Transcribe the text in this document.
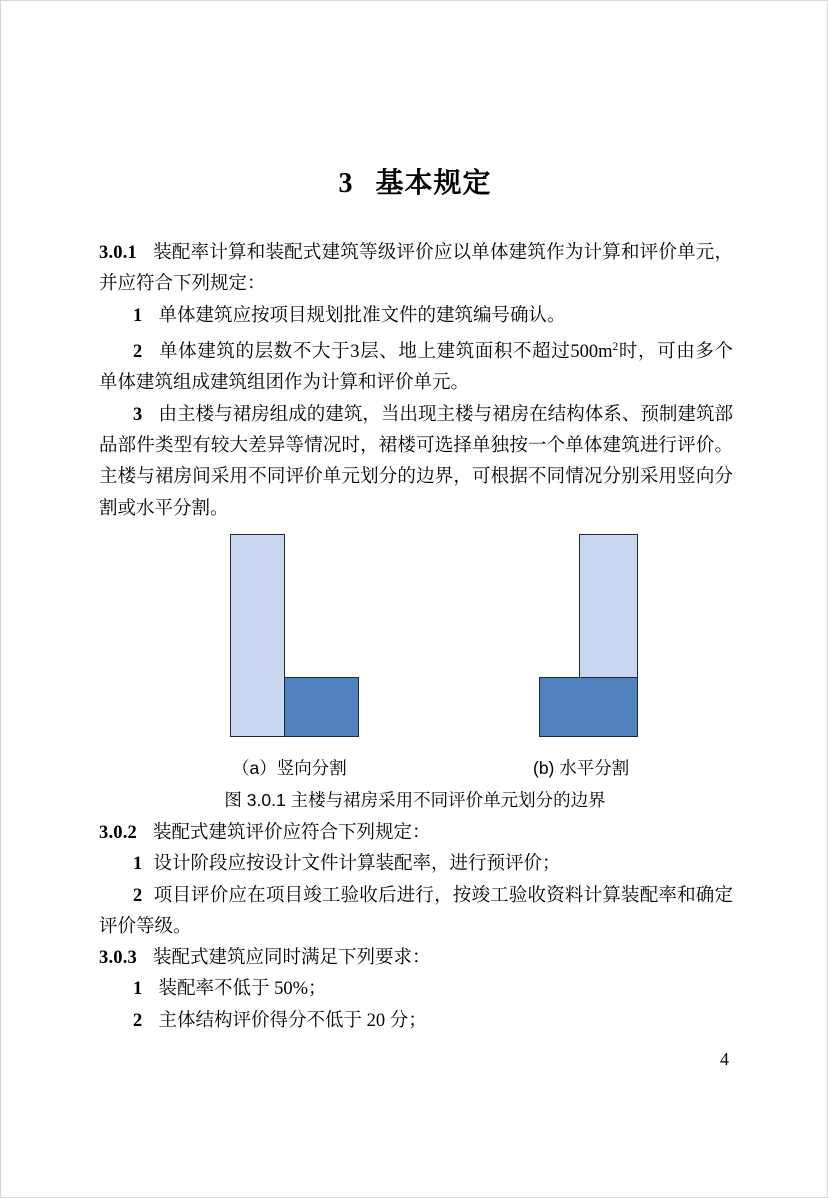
3 基本规定

3.0.1 装配率计算和装配式建筑等级评价应以单体建筑作为计算和评价单元，并应符合下列规定：

1 单体建筑应按项目规划批准文件的建筑编号确认。

2 单体建筑的层数不大于3层、地上建筑面积不超过$500m^2$时，可由多个单体建筑组成建筑组团作为计算和评价单元。

3 由主楼与裙房组成的建筑，当出现主楼与裙房在结构体系、预制建筑部品部件类型有较大差异等情况时，裙楼可选择单独按一个单体建筑进行评价。主楼与裙房间采用不同评价单元划分的边界，可根据不同情况分别采用竖向分割或水平分割。

3.0.2 装配式建筑评价应符合下列规定：

1 设计阶段应按设计文件计算装配率，进行预评价；

2 项目评价应在项目竣工验收后进行，按竣工验收资料计算装配率和确定评价等级。

3.0.3 装配式建筑应同时满足下列要求：

1 装配率不低于 50%；

2 主体结构评价得分不低于 20 分；

（a）竖向分割	(b) 水平分割
图 3.0.1 主楼与裙房采用不同评价单元划分的边界
4
